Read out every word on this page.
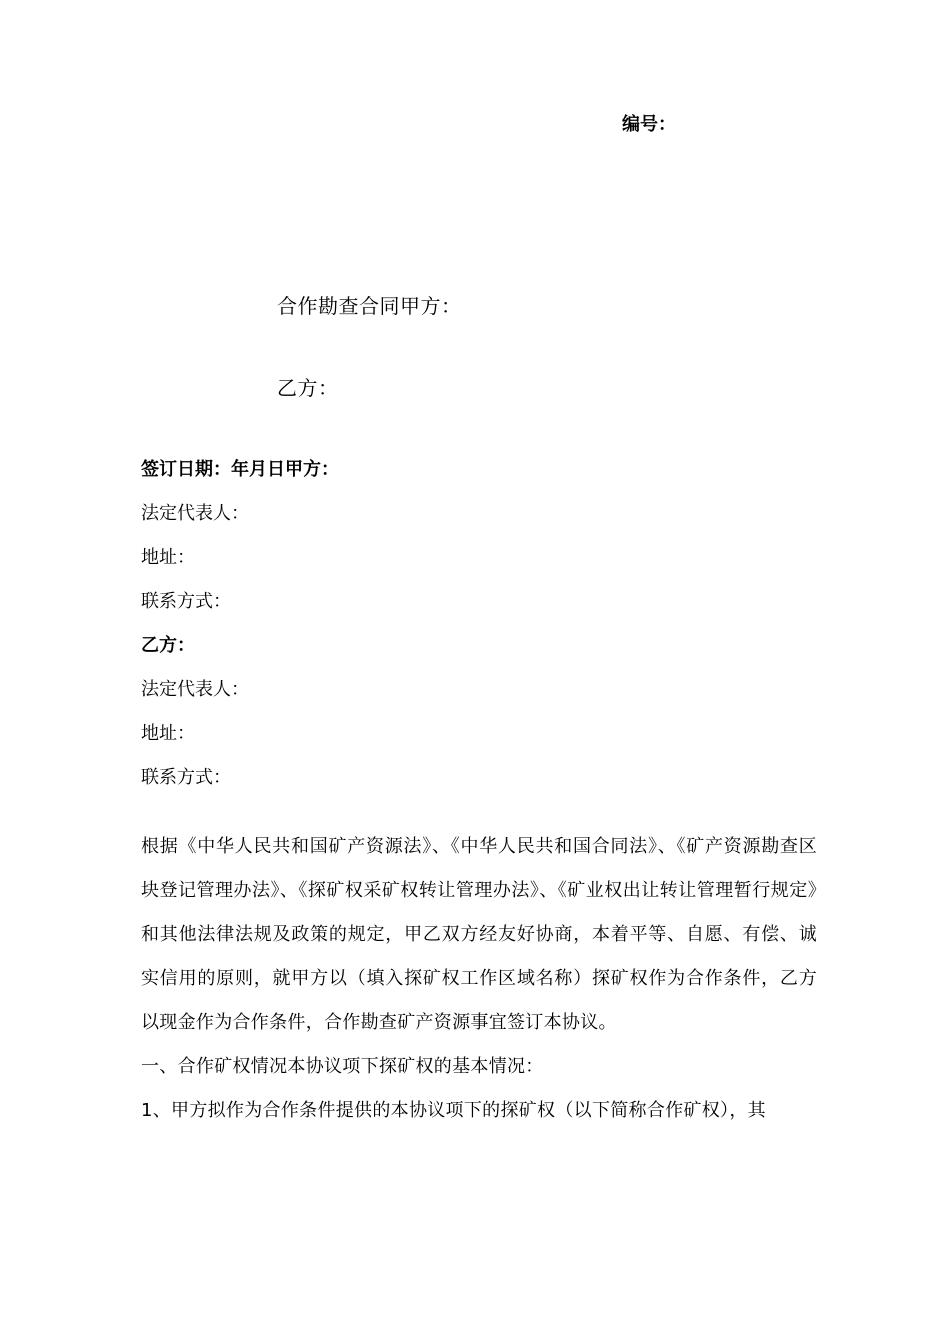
编号：
合作勘查合同甲方：
乙方：
签订日期：年月日甲方：
法定代表人：
地址：
联系方式：
乙方：
法定代表人：
地址：
联系方式：

根据《中华人民共和国矿产资源法》、《中华人民共和国合同法》、《矿产资源勘查区块登记管理办法》、《探矿权采矿权转让管理办法》、《矿业权出让转让管理暂行规定》和其他法律法规及政策的规定，甲乙双方经友好协商，本着平等、自愿、有偿、诚实信用的原则，就甲方以（填入探矿权工作区域名称）探矿权作为合作条件，乙方以现金作为合作条件，合作勘查矿产资源事宜签订本协议。

一、合作矿权情况本协议项下探矿权的基本情况：

1、甲方拟作为合作条件提供的本协议项下的探矿权（以下简称合作矿权），其
